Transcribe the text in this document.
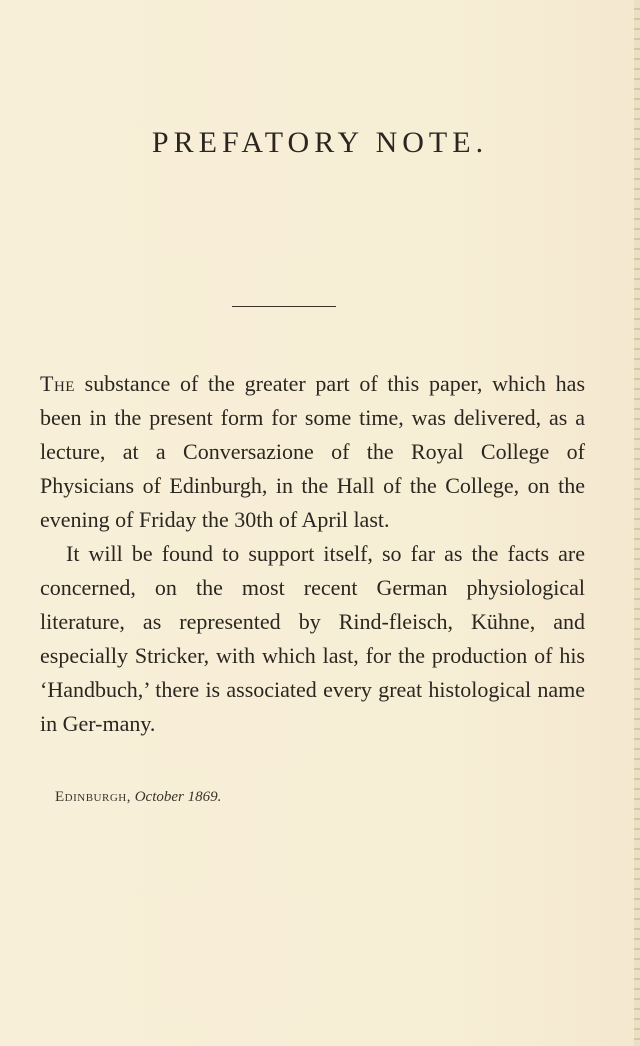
PREFATORY NOTE.

The substance of the greater part of this paper, which has been in the present form for some time, was delivered, as a lecture, at a Conversazione of the Royal College of Physicians of Edinburgh, in the Hall of the College, on the evening of Friday the 30th of April last.

It will be found to support itself, so far as the facts are concerned, on the most recent German physiological literature, as represented by Rind-fleisch, Kühne, and especially Stricker, with which last, for the production of his ‘Handbuch,’ there is associated every great histological name in Ger-many.

Edinburgh, October 1869.
